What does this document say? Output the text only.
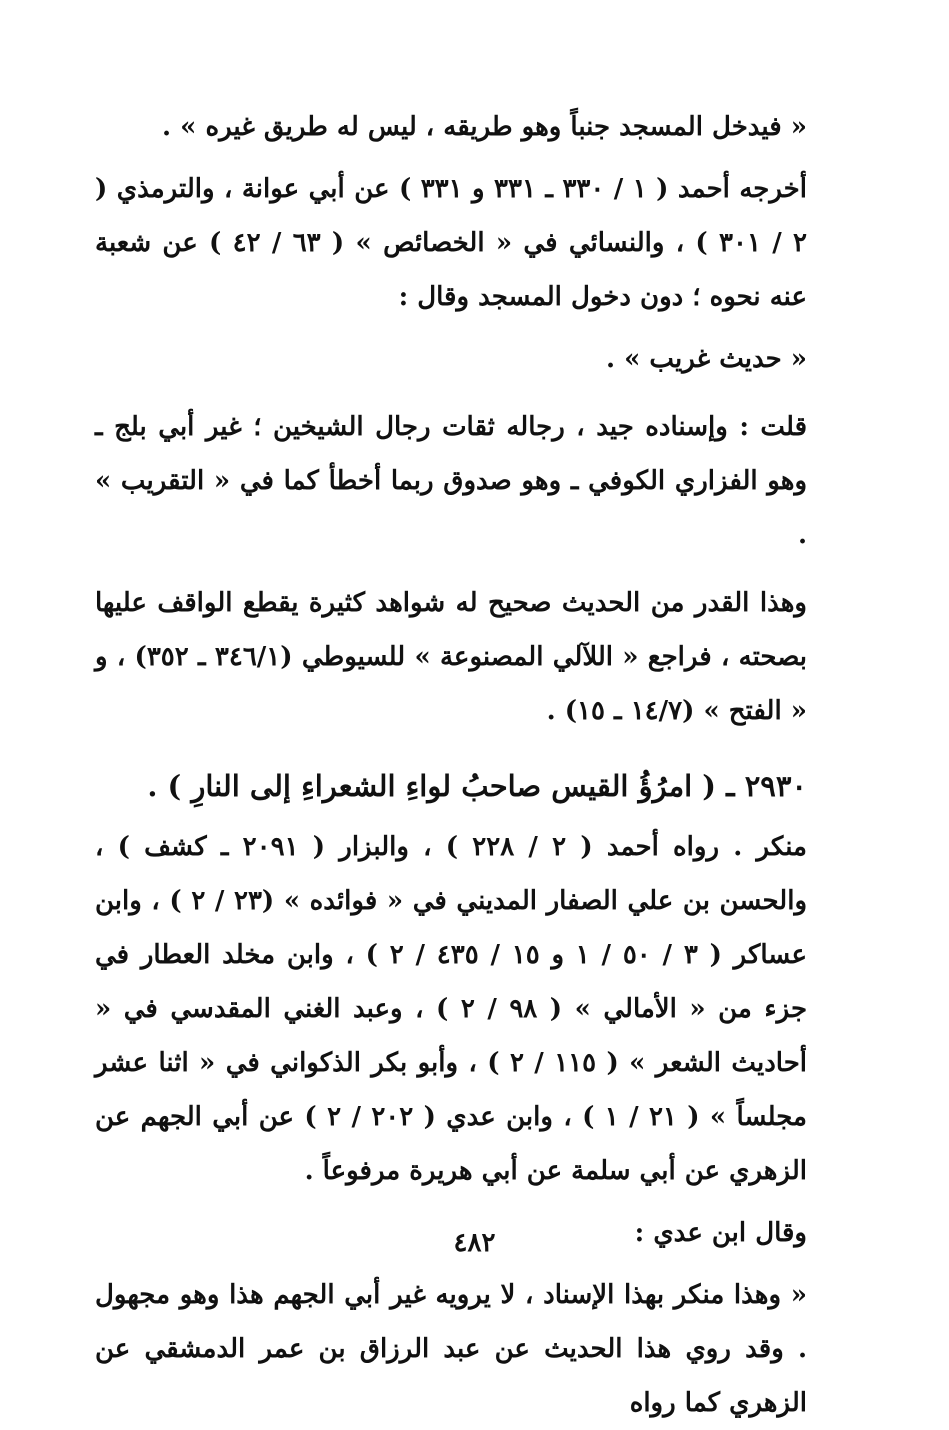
« فيدخل المسجد جنباً وهو طريقه ، ليس له طريق غيره » .

أخرجه أحمد ( ١ / ٣٣٠ ـ ٣٣١ و ٣٣١ ) عن أبي عوانة ، والترمذي ( ٢ / ٣٠١ ) ، والنسائي في « الخصائص » ( ٦٣ / ٤٢ ) عن شعبة عنه نحوه ؛ دون دخول المسجد وقال :

« حديث غريب » .

قلت : وإسناده جيد ، رجاله ثقات رجال الشيخين ؛ غير أبي بلج ـ وهو الفزاري الكوفي ـ وهو صدوق ربما أخطأ كما في « التقريب » .

وهذا القدر من الحديث صحيح له شواهد كثيرة يقطع الواقف عليها بصحته ، فراجع « اللآلي المصنوعة » للسيوطي (٣٤٦/١ ـ ٣٥٢) ، و « الفتح » (١٤/٧ ـ ١٥) .

٢٩٣٠ ـ ( امرُؤُ القيس صاحبُ لواءِ الشعراءِ إلى النارِ ) .

منكر . رواه أحمد ( ٢ / ٢٢٨ ) ، والبزار ( ٢٠٩١ ـ كشف ) ، والحسن بن علي الصفار المديني في « فوائده » (٢٣ / ٢ ) ، وابن عساكر ( ٣ / ٥٠ / ١ و ١٥ / ٤٣٥ / ٢ ) ، وابن مخلد العطار في جزء من « الأمالي » ( ٩٨ / ٢ ) ، وعبد الغني المقدسي في « أحاديث الشعر » ( ١١٥ / ٢ ) ، وأبو بكر الذكواني في « اثنا عشر مجلساً » ( ٢١ / ١ ) ، وابن عدي ( ٢٠٢ / ٢ ) عن أبي الجهم عن الزهري عن أبي سلمة عن أبي هريرة مرفوعاً .

وقال ابن عدي :

« وهذا منكر بهذا الإسناد ، لا يرويه غير أبي الجهم هذا وهو مجهول . وقد روي هذا الحديث عن عبد الرزاق بن عمر الدمشقي عن الزهري كما رواه

٤٨٢
